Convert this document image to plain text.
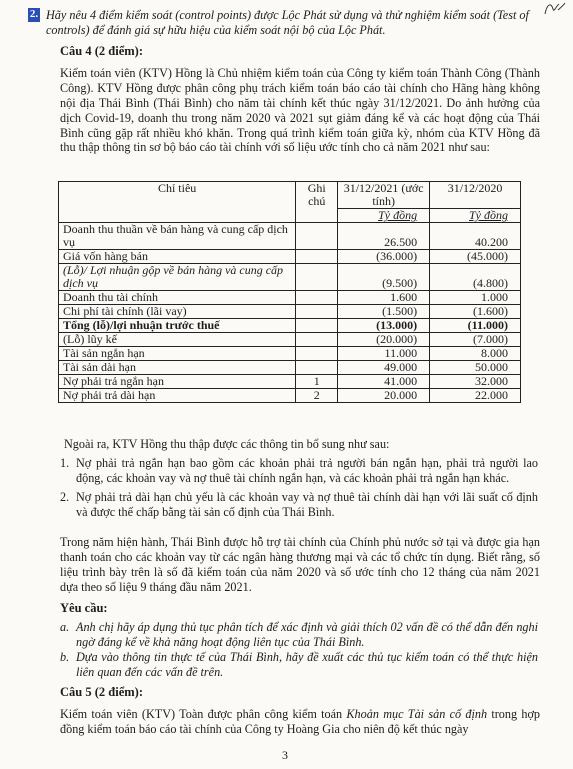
2. Hãy nêu 4 điểm kiểm soát (control points) được Lộc Phát sử dụng và thử nghiệm kiểm soát (Test of controls) để đánh giá sự hữu hiệu của kiểm soát nội bộ của Lộc Phát.
Câu 4 (2 điểm):
Kiểm toán viên (KTV) Hồng là Chủ nhiệm kiểm toán của Công ty kiểm toán Thành Công (Thành Công). KTV Hồng được phân công phụ trách kiểm toán báo cáo tài chính cho Hãng hàng không nội địa Thái Bình (Thái Bình) cho năm tài chính kết thúc ngày 31/12/2021. Do ảnh hưởng của dịch Covid-19, doanh thu trong năm 2020 và 2021 sụt giảm đáng kể và các hoạt động của Thái Bình cũng gặp rất nhiều khó khăn. Trong quá trình kiểm toán giữa kỳ, nhóm của KTV Hồng đã thu thập thông tin sơ bộ báo cáo tài chính với số liệu ước tính cho cả năm 2021 như sau:
Chỉ tiêu	Ghi chú	31/12/2021 (ước tính)	31/12/2020
		Tỷ đồng	Tỷ đồng
Doanh thu thuần về bán hàng và cung cấp dịch vụ		26.500	40.200
Giá vốn hàng bán		(36.000)	(45.000)
(Lỗ)/ Lợi nhuận gộp về bán hàng và cung cấp dịch vụ		(9.500)	(4.800)
Doanh thu tài chính		1.600	1.000
Chi phí tài chính (lãi vay)		(1.500)	(1.600)
Tổng (lỗ)/lợi nhuận trước thuế		(13.000)	(11.000)
(Lỗ) lũy kế		(20.000)	(7.000)
Tài sản ngắn hạn		11.000	8.000
Tài sản dài hạn		49.000	50.000
Nợ phải trả ngắn hạn	1	41.000	32.000
Nợ phải trả dài hạn	2	20.000	22.000
Ngoài ra, KTV Hồng thu thập được các thông tin bổ sung như sau:
1. Nợ phải trả ngắn hạn bao gồm các khoản phải trả người bán ngắn hạn, phải trả người lao động, các khoản vay và nợ thuê tài chính ngắn hạn, và các khoản phải trả ngắn hạn khác.
2. Nợ phải trả dài hạn chủ yếu là các khoản vay và nợ thuê tài chính dài hạn với lãi suất cố định và được thế chấp bằng tài sản cố định của Thái Bình.
Trong năm hiện hành, Thái Bình được hỗ trợ tài chính của Chính phủ nước sở tại và được gia hạn thanh toán cho các khoản vay từ các ngân hàng thương mại và các tổ chức tín dụng. Biết rằng, số liệu trình bày trên là số đã kiểm toán của năm 2020 và số ước tính cho 12 tháng của năm 2021 dựa theo số liệu 9 tháng đầu năm 2021.
Yêu cầu:
a. Anh chị hãy áp dụng thủ tục phân tích để xác định và giải thích 02 vấn đề có thể dẫn đến nghi ngờ đáng kể về khả năng hoạt động liên tục của Thái Bình.
b. Dựa vào thông tin thực tế của Thái Bình, hãy đề xuất các thủ tục kiểm toán có thể thực hiện liên quan đến các vấn đề trên.
Câu 5 (2 điểm):
Kiểm toán viên (KTV) Toàn được phân công kiểm toán Khoản mục Tài sản cố định trong hợp đồng kiểm toán báo cáo tài chính của Công ty Hoàng Gia cho niên độ kết thúc ngày
3
